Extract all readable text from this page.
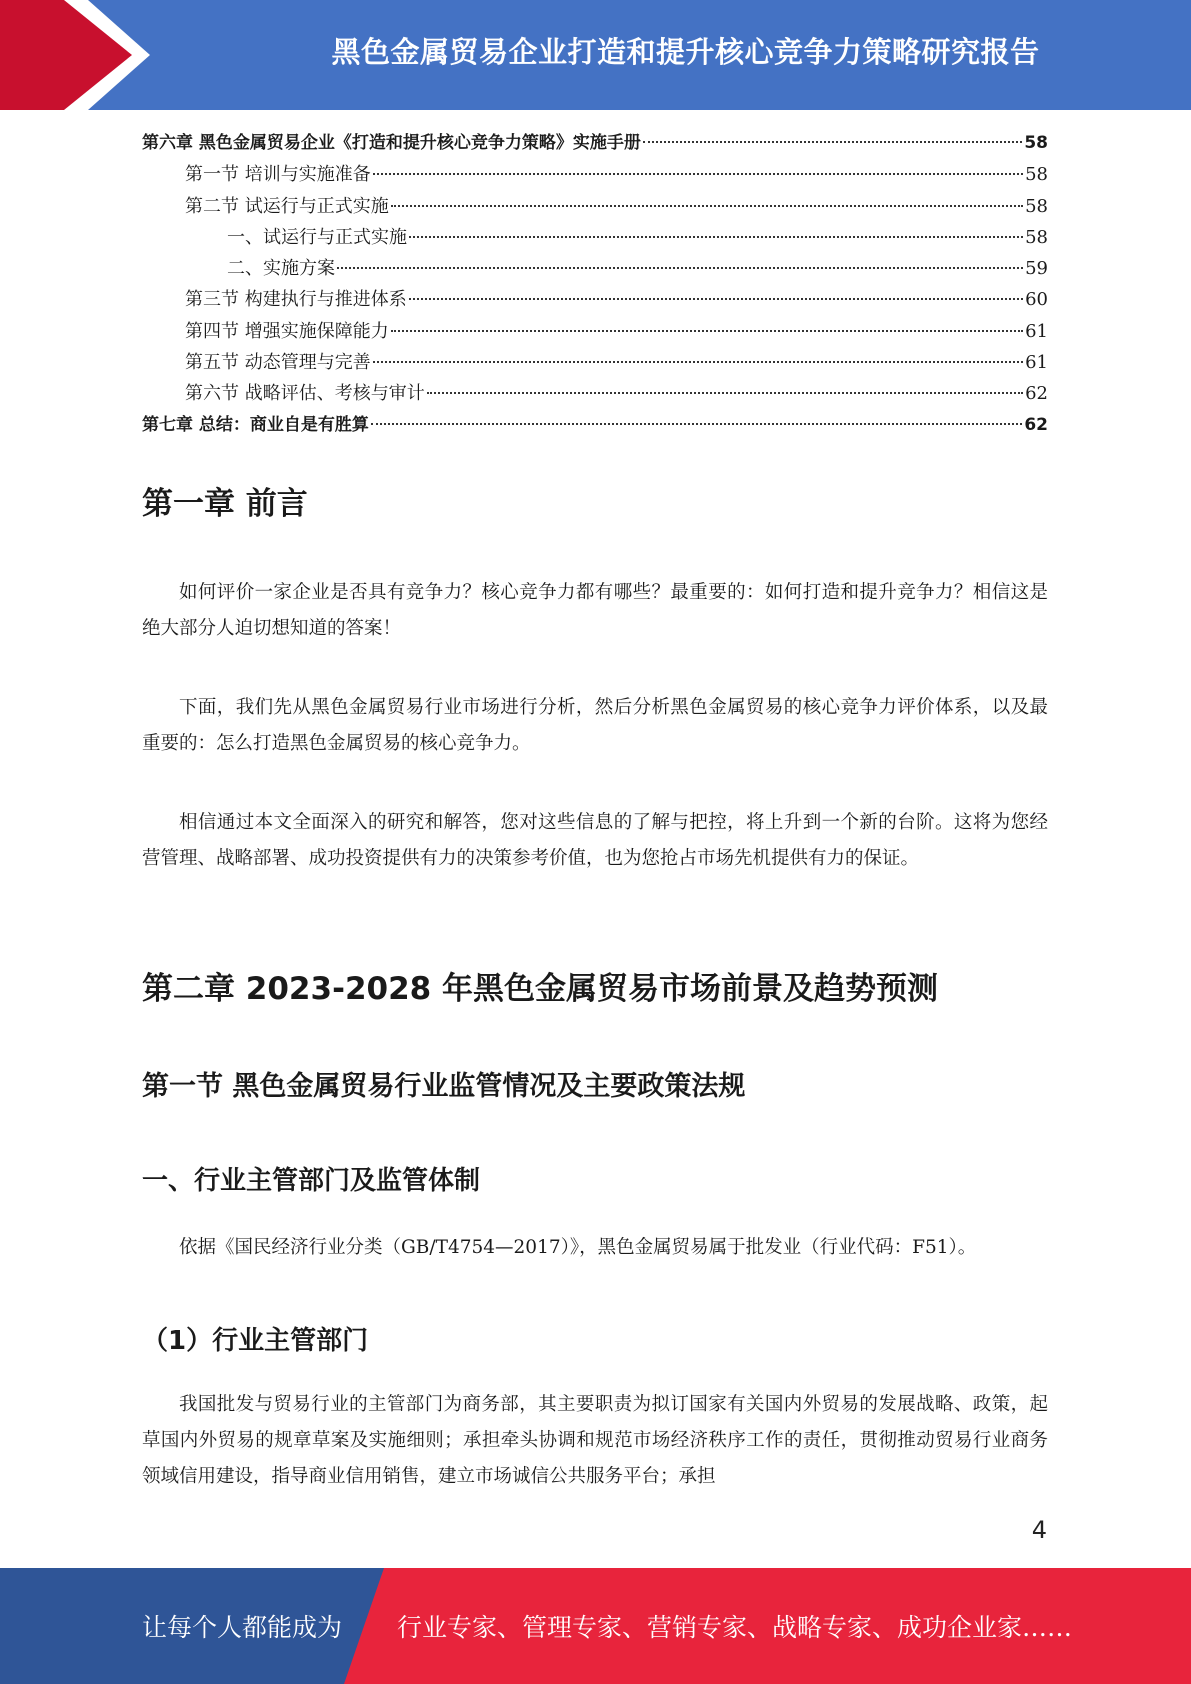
黑色金属贸易企业打造和提升核心竞争力策略研究报告
第六章 黑色金属贸易企业《打造和提升核心竞争力策略》实施手册	58
第一节 培训与实施准备	58
第二节 试运行与正式实施	58
一、试运行与正式实施	58
二、实施方案	59
第三节 构建执行与推进体系	60
第四节 增强实施保障能力	61
第五节 动态管理与完善	61
第六节 战略评估、考核与审计	62
第七章 总结：商业自是有胜算	62
第一章 前言

如何评价一家企业是否具有竞争力？核心竞争力都有哪些？最重要的：如何打造和提升竞争力？相信这是绝大部分人迫切想知道的答案！

下面，我们先从黑色金属贸易行业市场进行分析，然后分析黑色金属贸易的核心竞争力评价体系，以及最重要的：怎么打造黑色金属贸易的核心竞争力。

相信通过本文全面深入的研究和解答，您对这些信息的了解与把控，将上升到一个新的台阶。这将为您经营管理、战略部署、成功投资提供有力的决策参考价值，也为您抢占市场先机提供有力的保证。

第二章 2023-2028 年黑色金属贸易市场前景及趋势预测
第一节 黑色金属贸易行业监管情况及主要政策法规
一、行业主管部门及监管体制

依据《国民经济行业分类（GB/T4754—2017）》，黑色金属贸易属于批发业（行业代码：F51）。

（1）行业主管部门

我国批发与贸易行业的主管部门为商务部，其主要职责为拟订国家有关国内外贸易的发展战略、政策，起草国内外贸易的规章草案及实施细则；承担牵头协调和规范市场经济秩序工作的责任，贯彻推动贸易行业商务领域信用建设，指导商业信用销售，建立市场诚信公共服务平台；承担

4
让每个人都能成为 行业专家、管理专家、营销专家、战略专家、成功企业家……
